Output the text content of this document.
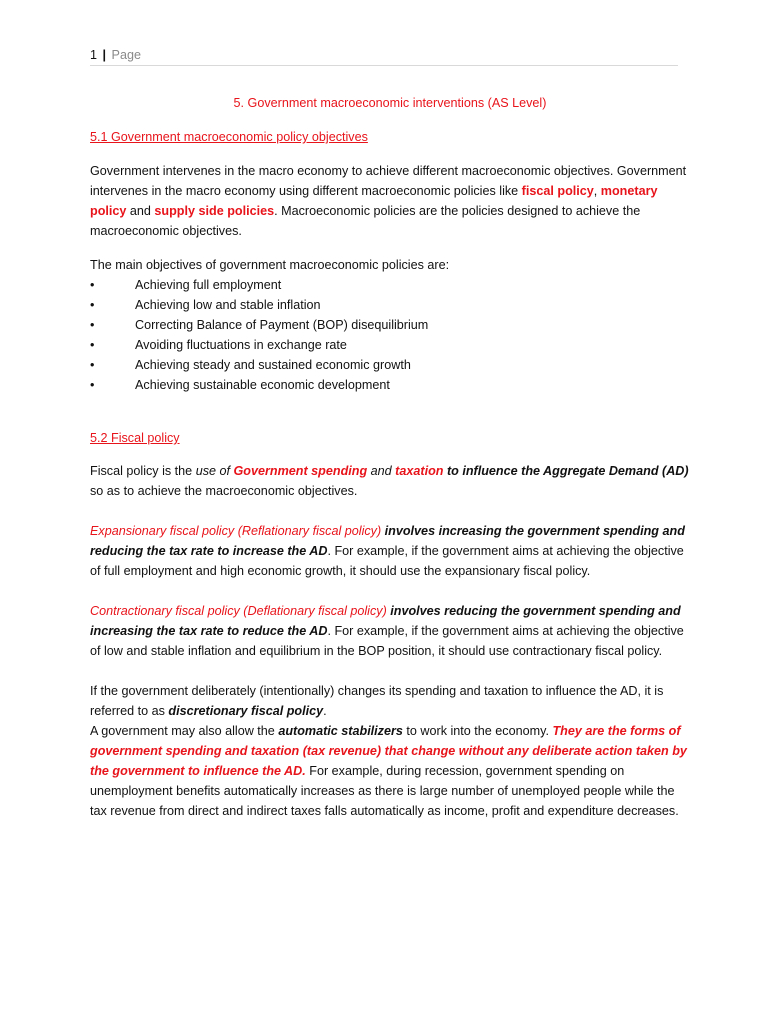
1 | Page

5. Government macroeconomic interventions (AS Level)

5.1 Government macroeconomic policy objectives

Government intervenes in the macro economy to achieve different macroeconomic objectives. Government intervenes in the macro economy using different macroeconomic policies like fiscal policy, monetary policy and supply side policies. Macroeconomic policies are the policies designed to achieve the macroeconomic objectives.

The main objectives of government macroeconomic policies are:

•	Achieving full employment
•	Achieving low and stable inflation
•	Correcting Balance of Payment (BOP) disequilibrium
•	Avoiding fluctuations in exchange rate
•	Achieving steady and sustained economic growth
•	Achieving sustainable economic development

5.2 Fiscal policy

Fiscal policy is the use of Government spending and taxation to influence the Aggregate Demand (AD) so as to achieve the macroeconomic objectives.

Expansionary fiscal policy (Reflationary fiscal policy) involves increasing the government spending and reducing the tax rate to increase the AD. For example, if the government aims at achieving the objective of full employment and high economic growth, it should use the expansionary fiscal policy.

Contractionary fiscal policy (Deflationary fiscal policy) involves reducing the government spending and increasing the tax rate to reduce the AD. For example, if the government aims at achieving the objective of low and stable inflation and equilibrium in the BOP position, it should use contractionary fiscal policy.

If the government deliberately (intentionally) changes its spending and taxation to influence the AD, it is referred to as discretionary fiscal policy.

A government may also allow the automatic stabilizers to work into the economy. They are the forms of government spending and taxation (tax revenue) that change without any deliberate action taken by the government to influence the AD. For example, during recession, government spending on unemployment benefits automatically increases as there is large number of unemployed people while the tax revenue from direct and indirect taxes falls automatically as income, profit and expenditure decreases.
